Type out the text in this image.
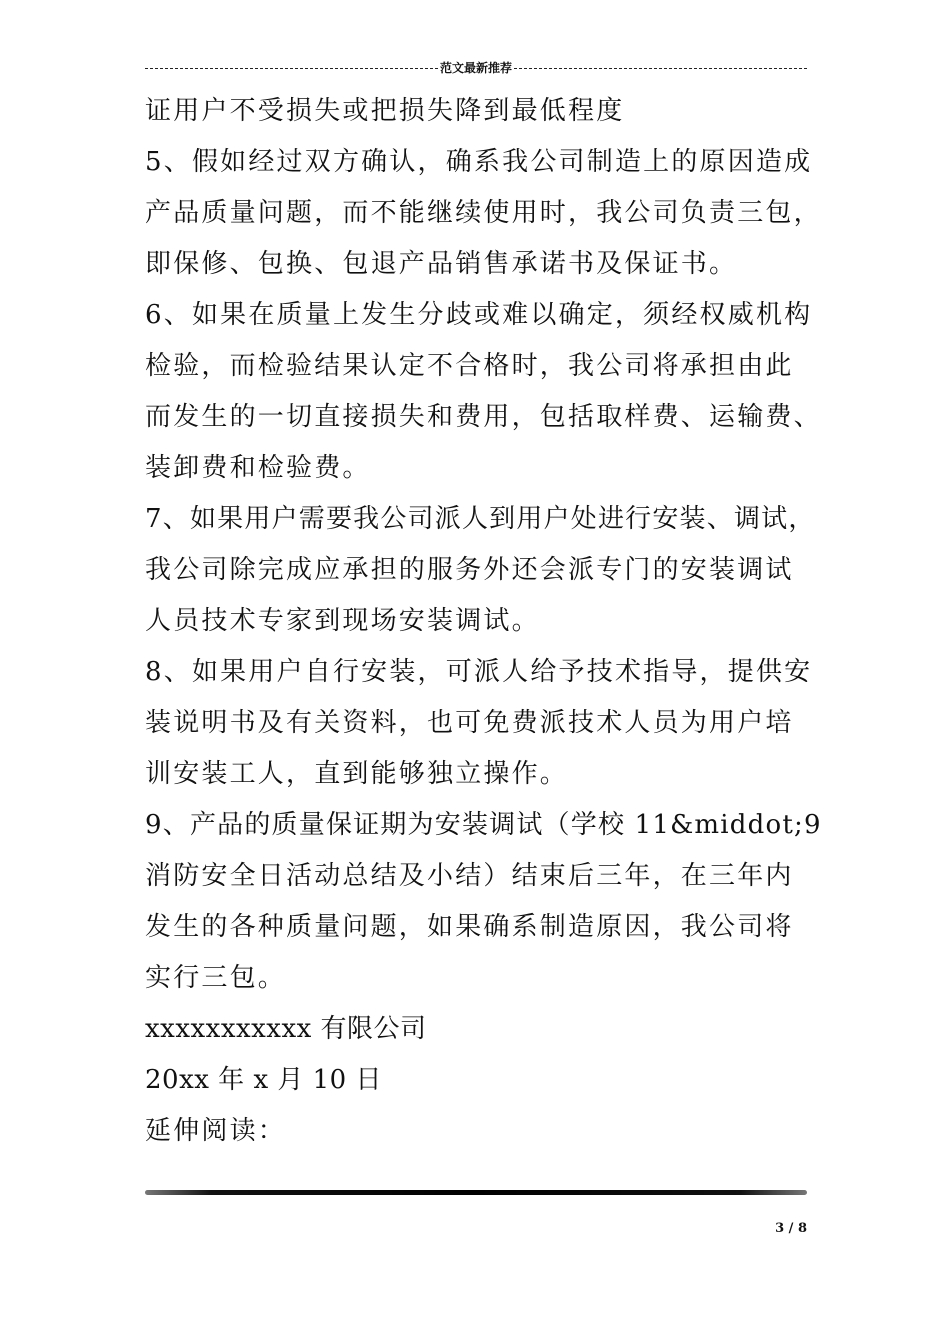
范文最新推荐
证用户不受损失或把损失降到最低程度
5、假如经过双方确认，确系我公司制造上的原因造成
产品质量问题，而不能继续使用时，我公司负责三包，
即保修、包换、包退产品销售承诺书及保证书。
6、如果在质量上发生分歧或难以确定，须经权威机构
检验，而检验结果认定不合格时，我公司将承担由此
而发生的一切直接损失和费用，包括取样费、运输费、
装卸费和检验费。
7、如果用户需要我公司派人到用户处进行安装、调试，
我公司除完成应承担的服务外还会派专门的安装调试
人员技术专家到现场安装调试。
8、如果用户自行安装，可派人给予技术指导，提供安
装说明书及有关资料，也可免费派技术人员为用户培
训安装工人，直到能够独立操作。
9、产品的质量保证期为安装调试（学校 11&middot;9
消防安全日活动总结及小结）结束后三年，在三年内
发生的各种质量问题，如果确系制造原因，我公司将
实行三包。
xxxxxxxxxxx 有限公司
20xx 年 x 月 10 日
延伸阅读：
3 / 8
